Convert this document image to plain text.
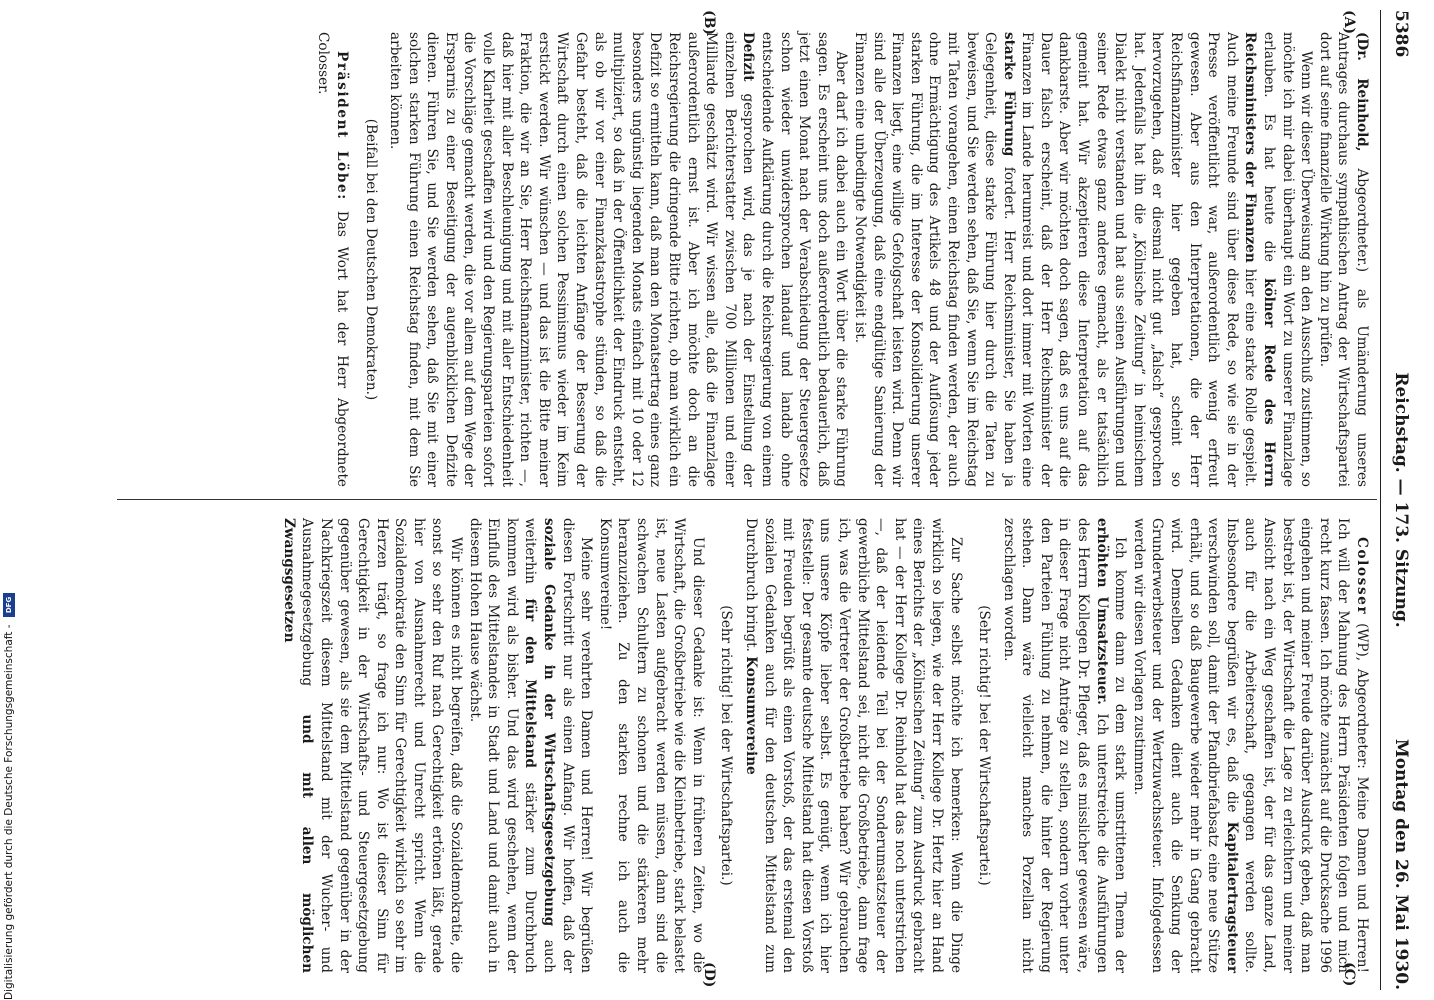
5386
Reichstag. — 173. Sitzung.
Montag den 26. Mai 1930.
(A)
(B)
(C)
(D)

(Dr. Reinhold, Abgeordneter.) als Umänderung unseres Antrages durchaus sympathischen Antrag der Wirtschaftspartei dort auf seine finanzielle Wirkung hin zu prüfen.

Wenn wir dieser Überweisung an den Ausschuß zustimmen, so möchte ich mir dabei überhaupt ein Wort zu unserer Finanzlage erlauben. Es hat heute die kölner Rede des Herrn Reichsministers der Finanzen hier eine starke Rolle gespielt. Auch meine Freunde sind über diese Rede, so wie sie in der Presse veröffentlicht war, außerordentlich wenig erfreut gewesen. Aber aus den Interpretationen, die der Herr Reichsfinanzminister hier gegeben hat, scheint so hervorzugehen, daß er diesmal nicht gut „falsch“ gesprochen hat. Jedenfalls hat ihn die „Kölnische Zeitung“ in heimischem Dialekt nicht verstanden und hat aus seinen Ausführungen und seiner Rede etwas ganz anderes gemacht, als er tatsächlich gemeint hat. Wir akzeptieren diese Interpretation auf das dankbarste. Aber wir möchten doch sagen, daß es uns auf die Dauer falsch erscheint, daß der Herr Reichsminister der Finanzen im Lande herumreist und dort immer mit Worten eine starke Führung fordert. Herr Reichsminister, Sie haben ja Gelegenheit, diese starke Führung hier durch die Taten zu beweisen, und Sie werden sehen, daß Sie, wenn Sie im Reichstag mit Taten vorangehen, einen Reichstag finden werden, der auch ohne Ermächtigung des Artikels 48 und der Auflösung jeder starken Führung, die im Interesse der Konsolidierung unserer Finanzen liegt, eine willige Gefolgschaft leisten wird. Denn wir sind alle der Überzeugung, daß eine endgültige Sanierung der Finanzen eine unbedingte Notwendigkeit ist.

Aber darf ich dabei auch ein Wort über die starke Führung sagen. Es erscheint uns doch außerordentlich bedauerlich, daß jetzt einen Monat nach der Verabschiedung der Steuergesetze schon wieder unwidersprochen landauf und landab ohne entscheidende Aufklärung durch die Reichsregierung von einem Defizit gesprochen wird, das je nach der Einstellung der einzelnen Berichterstatter zwischen 700 Millionen und einer Milliarde geschätzt wird. Wir wissen alle, daß die Finanzlage außerordentlich ernst ist. Aber ich möchte doch an die Reichsregierung die dringende Bitte richten, ob man wirklich ein Defizit so ermitteln kann, daß man den Monatsertrag eines ganz besonders ungünstig liegenden Monats einfach mit 10 oder 12 multipliziert, so daß in der Öffentlichkeit der Eindruck entsteht, als ob wir vor einer Finanzkatastrophe stünden, so daß die Gefahr besteht, daß die leichten Anfänge der Besserung der Wirtschaft durch einen solchen Pessimismus wieder im Keim erstickt werden. Wir wünschen — und das ist die Bitte meiner Fraktion, die wir an Sie, Herr Reichsfinanzminister, richten —, daß hier mit aller Beschleunigung und mit aller Entschiedenheit volle Klarheit geschaffen wird und den Regierungsparteien sofort die Vorschläge gemacht werden, die vor allem auf dem Wege der Ersparnis zu einer Beseitigung der augenblicklichen Defizite dienen. Führen Sie, und Sie werden sehen, daß Sie mit einer solchen starken Führung einen Reichstag finden, mit dem Sie arbeiten können.

(Beifall bei den Deutschen Demokraten.)

Präsident Löbe: Das Wort hat der Herr Abgeordnete Colosser.

Colosser (WP), Abgeordneter: Meine Damen und Herren! Ich will der Mahnung des Herrn Präsidenten folgen und mich recht kurz fassen. Ich möchte zunächst auf die Drucksache 1996 eingehen und meiner Freude darüber Ausdruck geben, daß man bestrebt ist, der Wirtschaft die Lage zu erleichtern und meiner Ansicht nach ein Weg geschaffen ist, der für das ganze Land, auch für die Arbeiterschaft, gegangen werden sollte. Insbesondere begrüßen wir es, daß die Kapitalertragsteuer verschwinden soll, damit der Pfandbriefabsatz eine neue Stütze erhält, und so daß Baugewerbe wieder mehr in Gang gebracht wird. Demselben Gedanken dient auch die Senkung der Grunderwerbsteuer und der Wertzuwachssteuer. Infolgedessen werden wir diesen Vorlagen zustimmen.

Ich komme dann zu dem stark umstrittenen Thema der erhöhten Umsatzsteuer. Ich unterstreiche die Ausführungen des Herrn Kollegen Dr. Pfleger, daß es misslicher gewesen wäre, in dieser Frage nicht Anträge zu stellen, sondern vorher unter den Parteien Fühlung zu nehmen, die hinter der Regierung stehen. Dann wäre vielleicht manches Porzellan nicht zerschlagen worden.

(Sehr richtig! bei der Wirtschaftspartei.)

Zur Sache selbst möchte ich bemerken: Wenn die Dinge wirklich so liegen, wie der Herr Kollege Dr. Hertz hier an Hand eines Berichts der „Kölnischen Zeitung“ zum Ausdruck gebracht hat — der Herr Kollege Dr. Reinhold hat das noch unterstrichen —, daß der leidende Teil bei der Sonderumsatzsteuer der gewerbliche Mittelstand sei, nicht die Großbetriebe, dann frage ich, was die Vertreter der Großbetriebe haben? Wir gebrauchen uns unsere Köpfe lieber selbst. Es genügt, wenn ich hier feststelle: Der gesamte deutsche Mittelstand hat diesen Vorstoß mit Freuden begrüßt als einen Vorstoß, der das erstemal den sozialen Gedanken auch für den deutschen Mittelstand zum Durchbruch bringt. Konsumvereine

(Sehr richtig! bei der Wirtschaftspartei.)

Und dieser Gedanke ist: Wenn in früheren Zeiten, wo die Wirtschaft, die Großbetriebe wie die Kleinbetriebe, stark belastet ist, neue Lasten aufgebracht werden müssen, dann sind die schwachen Schultern zu schonen und die stärkeren mehr heranzuziehen. Zu den starken rechne ich auch die Konsumvereine!

Meine sehr verehrten Damen und Herren! Wir begrüßen diesen Fortschritt nur als einen Anfang. Wir hoffen, daß der soziale Gedanke in der Wirtschaftsgesetzgebung auch weiterhin für den Mittelstand stärker zum Durchbruch kommen wird als bisher. Und das wird geschehen, wenn der Einfluß des Mittelstandes in Stadt und Land und damit auch in diesem Hohen Hause wächst.

Wir können es nicht begreifen, daß die Sozialdemokratie, die sonst so sehr den Ruf nach Gerechtigkeit ertönen läßt, gerade hier von Ausnahmerecht und Unrecht spricht. Wenn die Sozialdemokratie den Sinn für Gerechtigkeit wirklich so sehr im Herzen trägt, so frage ich nur: Wo ist dieser Sinn für Gerechtigkeit in der Wirtschafts- und Steuergesetzgebung gegenüber gewesen, als sie dem Mittelstand gegenüber in der Nachkriegszeit diesem Mittelstand mit der Wucher- und Ausnahmegesetzgebung und mit allen möglichen Zwangsgesetzen

Digitalisierung gefördert durch die Deutsche Forschungsgemeinschaft - DFG
